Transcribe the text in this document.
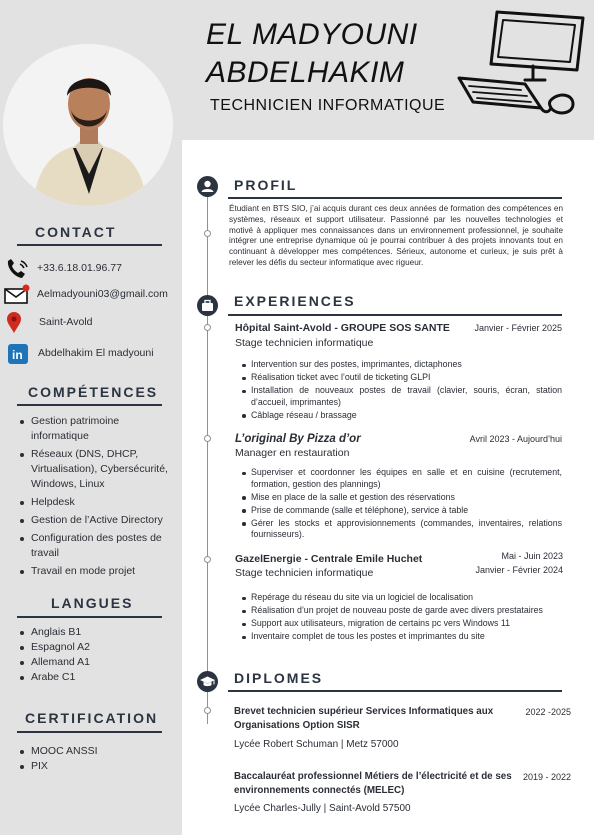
EL MADYOUNI
ABDELHAKIM
TECHNICIEN INFORMATIQUE
CONTACT
+33.6.18.01.96.77
Aelmadyouni03@gmail.com
Saint-Avold
in Abdelhakim El madyouni
COMPÉTENCES
Gestion patrimoine informatique
Réseaux (DNS, DHCP, Virtualisation), Cybersécurité, Windows, Linux
Helpdesk
Gestion de l’Active Directory
Configuration des postes de travail
Travail en mode projet
LANGUES
Anglais B1
Espagnol A2
Allemand A1
Arabe C1
CERTIFICATION
MOOC ANSSI
PIX
PROFIL
Étudiant en BTS SIO, j’ai acquis durant ces deux années de formation des compétences en systèmes, réseaux et support utilisateur. Passionné par les nouvelles technologies et motivé à appliquer mes connaissances dans un environnement professionnel, je souhaite intégrer une entreprise dynamique où je pourrai contribuer à des projets innovants tout en continuant à développer mes compétences. Sérieux, autonome et curieux, je suis prêt à relever les défis du secteur informatique avec rigueur.
EXPERIENCES
Hôpital Saint-Avold - GROUPE SOS SANTE	Janvier - Février 2025
Stage technicien informatique
Intervention sur des postes, imprimantes, dictaphones
Réalisation ticket avec l’outil de ticketing GLPI
Installation de nouveaux postes de travail (clavier, souris, écran, station d’accueil, imprimantes)
Câblage réseau / brassage
L’original By Pizza d’or	Avril 2023 - Aujourd’hui
Manager en restauration
Superviser et coordonner les équipes en salle et en cuisine (recrutement, formation, gestion des plannings)
Mise en place de la salle et gestion des réservations
Prise de commande (salle et téléphone), service à table
Gérer les stocks et approvisionnements (commandes, inventaires, relations fournisseurs).
GazelEnergie - Centrale Emile Huchet	Mai - Juin 2023
Janvier - Février 2024
Stage technicien informatique
Repérage du réseau du site via un logiciel de localisation
Réalisation d’un projet de nouveau poste de garde avec divers prestataires
Support aux utilisateurs, migration de certains pc vers Windows 11
Inventaire complet de tous les postes et imprimantes du site
DIPLOMES
Brevet technicien supérieur Services Informatiques aux Organisations Option SISR
2022 -2025
Lycée Robert Schuman | Metz 57000
Baccalauréat professionnel Métiers de l’électricité et de ses environnements connectés (MELEC)
2019 - 2022
Lycée Charles-Jully | Saint-Avold 57500
